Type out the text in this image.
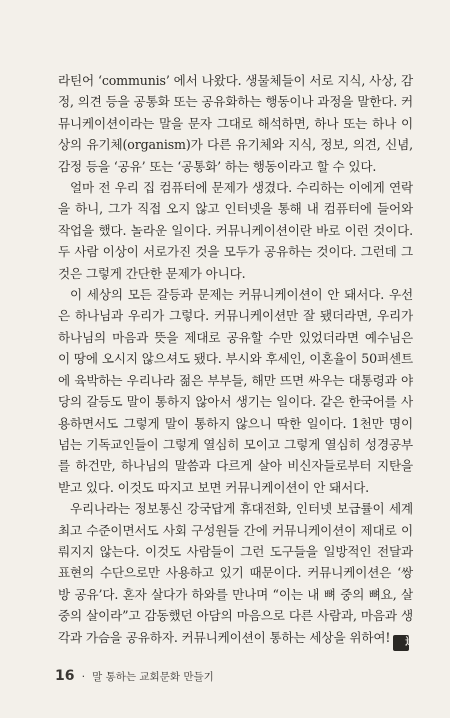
라틴어 ‘communis’ 에서 나왔다. 생물체들이 서로 지식, 사상, 감정, 의견 등을 공통화 또는 공유화하는 행동이나 과정을 말한다. 커뮤니케이션이라는 말을 문자 그대로 해석하면, 하나 또는 하나 이상의 유기체(organism)가 다른 유기체와 지식, 정보, 의견, 신념, 감정 등을 ‘공유’ 또는 ‘공통화’ 하는 행동이라고 할 수 있다.

얼마 전 우리 집 컴퓨터에 문제가 생겼다. 수리하는 이에게 연락을 하니, 그가 직접 오지 않고 인터넷을 통해 내 컴퓨터에 들어와 작업을 했다. 놀라운 일이다. 커뮤니케이션이란 바로 이런 것이다. 두 사람 이상이 서로가진 것을 모두가 공유하는 것이다. 그런데 그것은 그렇게 간단한 문제가 아니다.

이 세상의 모든 갈등과 문제는 커뮤니케이션이 안 돼서다. 우선은 하나님과 우리가 그렇다. 커뮤니케이션만 잘 됐더라면, 우리가 하나님의 마음과 뜻을 제대로 공유할 수만 있었더라면 예수님은 이 땅에 오시지 않으셔도 됐다. 부시와 후세인, 이혼율이 50퍼센트에 육박하는 우리나라 젊은 부부들, 해만 뜨면 싸우는 대통령과 야당의 갈등도 말이 통하지 않아서 생기는 일이다. 같은 한국어를 사용하면서도 그렇게 말이 통하지 않으니 딱한 일이다. 1천만 명이 넘는 기독교인들이 그렇게 열심히 모이고 그렇게 열심히 성경공부를 하건만, 하나님의 말씀과 다르게 살아 비신자들로부터 지탄을 받고 있다. 이것도 따지고 보면 커뮤니케이션이 안 돼서다.

우리나라는 정보통신 강국답게 휴대전화, 인터넷 보급률이 세계 최고 수준이면서도 사회 구성원들 간에 커뮤니케이션이 제대로 이뤄지지 않는다. 이것도 사람들이 그런 도구들을 일방적인 전달과 표현의 수단으로만 사용하고 있기 때문이다. 커뮤니케이션은 ‘쌍방 공유’다. 혼자 살다가 하와를 만나며 “이는 내 뼈 중의 뼈요, 살 중의 살이라”고 감동했던 아담의 마음으로 다른 사람과, 마음과 생각과 가슴을 공유하자. 커뮤니케이션이 통하는 세상을 위하여! 通

16 · 말 통하는 교회문화 만들기
